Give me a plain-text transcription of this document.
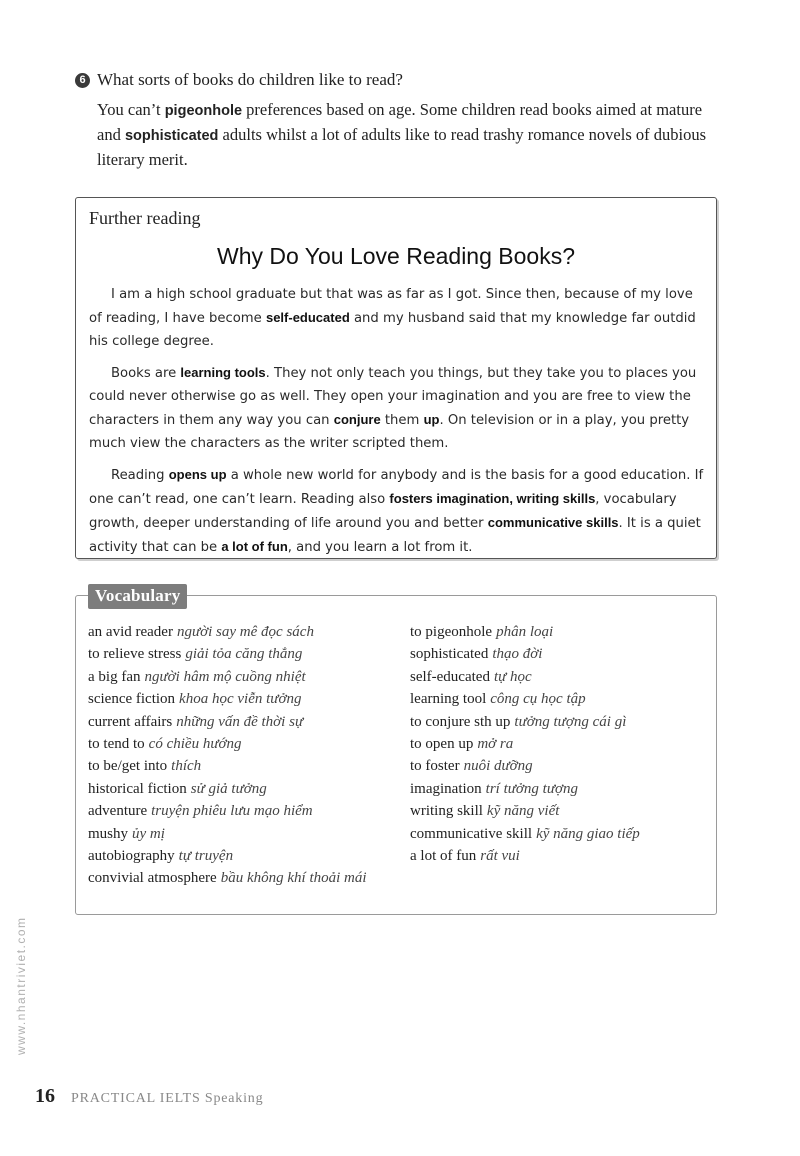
6 What sorts of books do children like to read?
You can’t pigeonhole preferences based on age. Some children read books aimed at mature and sophisticated adults whilst a lot of adults like to read trashy romance novels of dubious literary merit.
Further reading
Why Do You Love Reading Books?

I am a high school graduate but that was as far as I got. Since then, because of my love of reading, I have become self-educated and my husband said that my knowledge far outdid his college degree.

Books are learning tools. They not only teach you things, but they take you to places you could never otherwise go as well. They open your imagination and you are free to view the characters in them any way you can conjure them up. On television or in a play, you pretty much view the characters as the writer scripted them.

Reading opens up a whole new world for anybody and is the basis for a good education. If one can’t read, one can’t learn. Reading also fosters imagination, writing skills, vocabulary growth, deeper understanding of life around you and better communicative skills. It is a quiet activity that can be a lot of fun, and you learn a lot from it.

Vocabulary
an avid reader người say mê đọc sách
to relieve stress giải tỏa căng thẳng
a big fan người hâm mộ cuồng nhiệt
science fiction khoa học viễn tưởng
current affairs những vấn đề thời sự
to tend to có chiều hướng
to be/get into thích
historical fiction sử giả tưởng
adventure truyện phiêu lưu mạo hiểm
mushy ủy mị
autobiography tự truyện
convivial atmosphere bầu không khí thoải mái
to pigeonhole phân loại
sophisticated thạo đời
self-educated tự học
learning tool công cụ học tập
to conjure sth up tưởng tượng cái gì
to open up mở ra
to foster nuôi dưỡng
imagination trí tưởng tượng
writing skill kỹ năng viết
communicative skill kỹ năng giao tiếp
a lot of fun rất vui
www.nhantriviet.com
16 PRACTICAL IELTS Speaking
